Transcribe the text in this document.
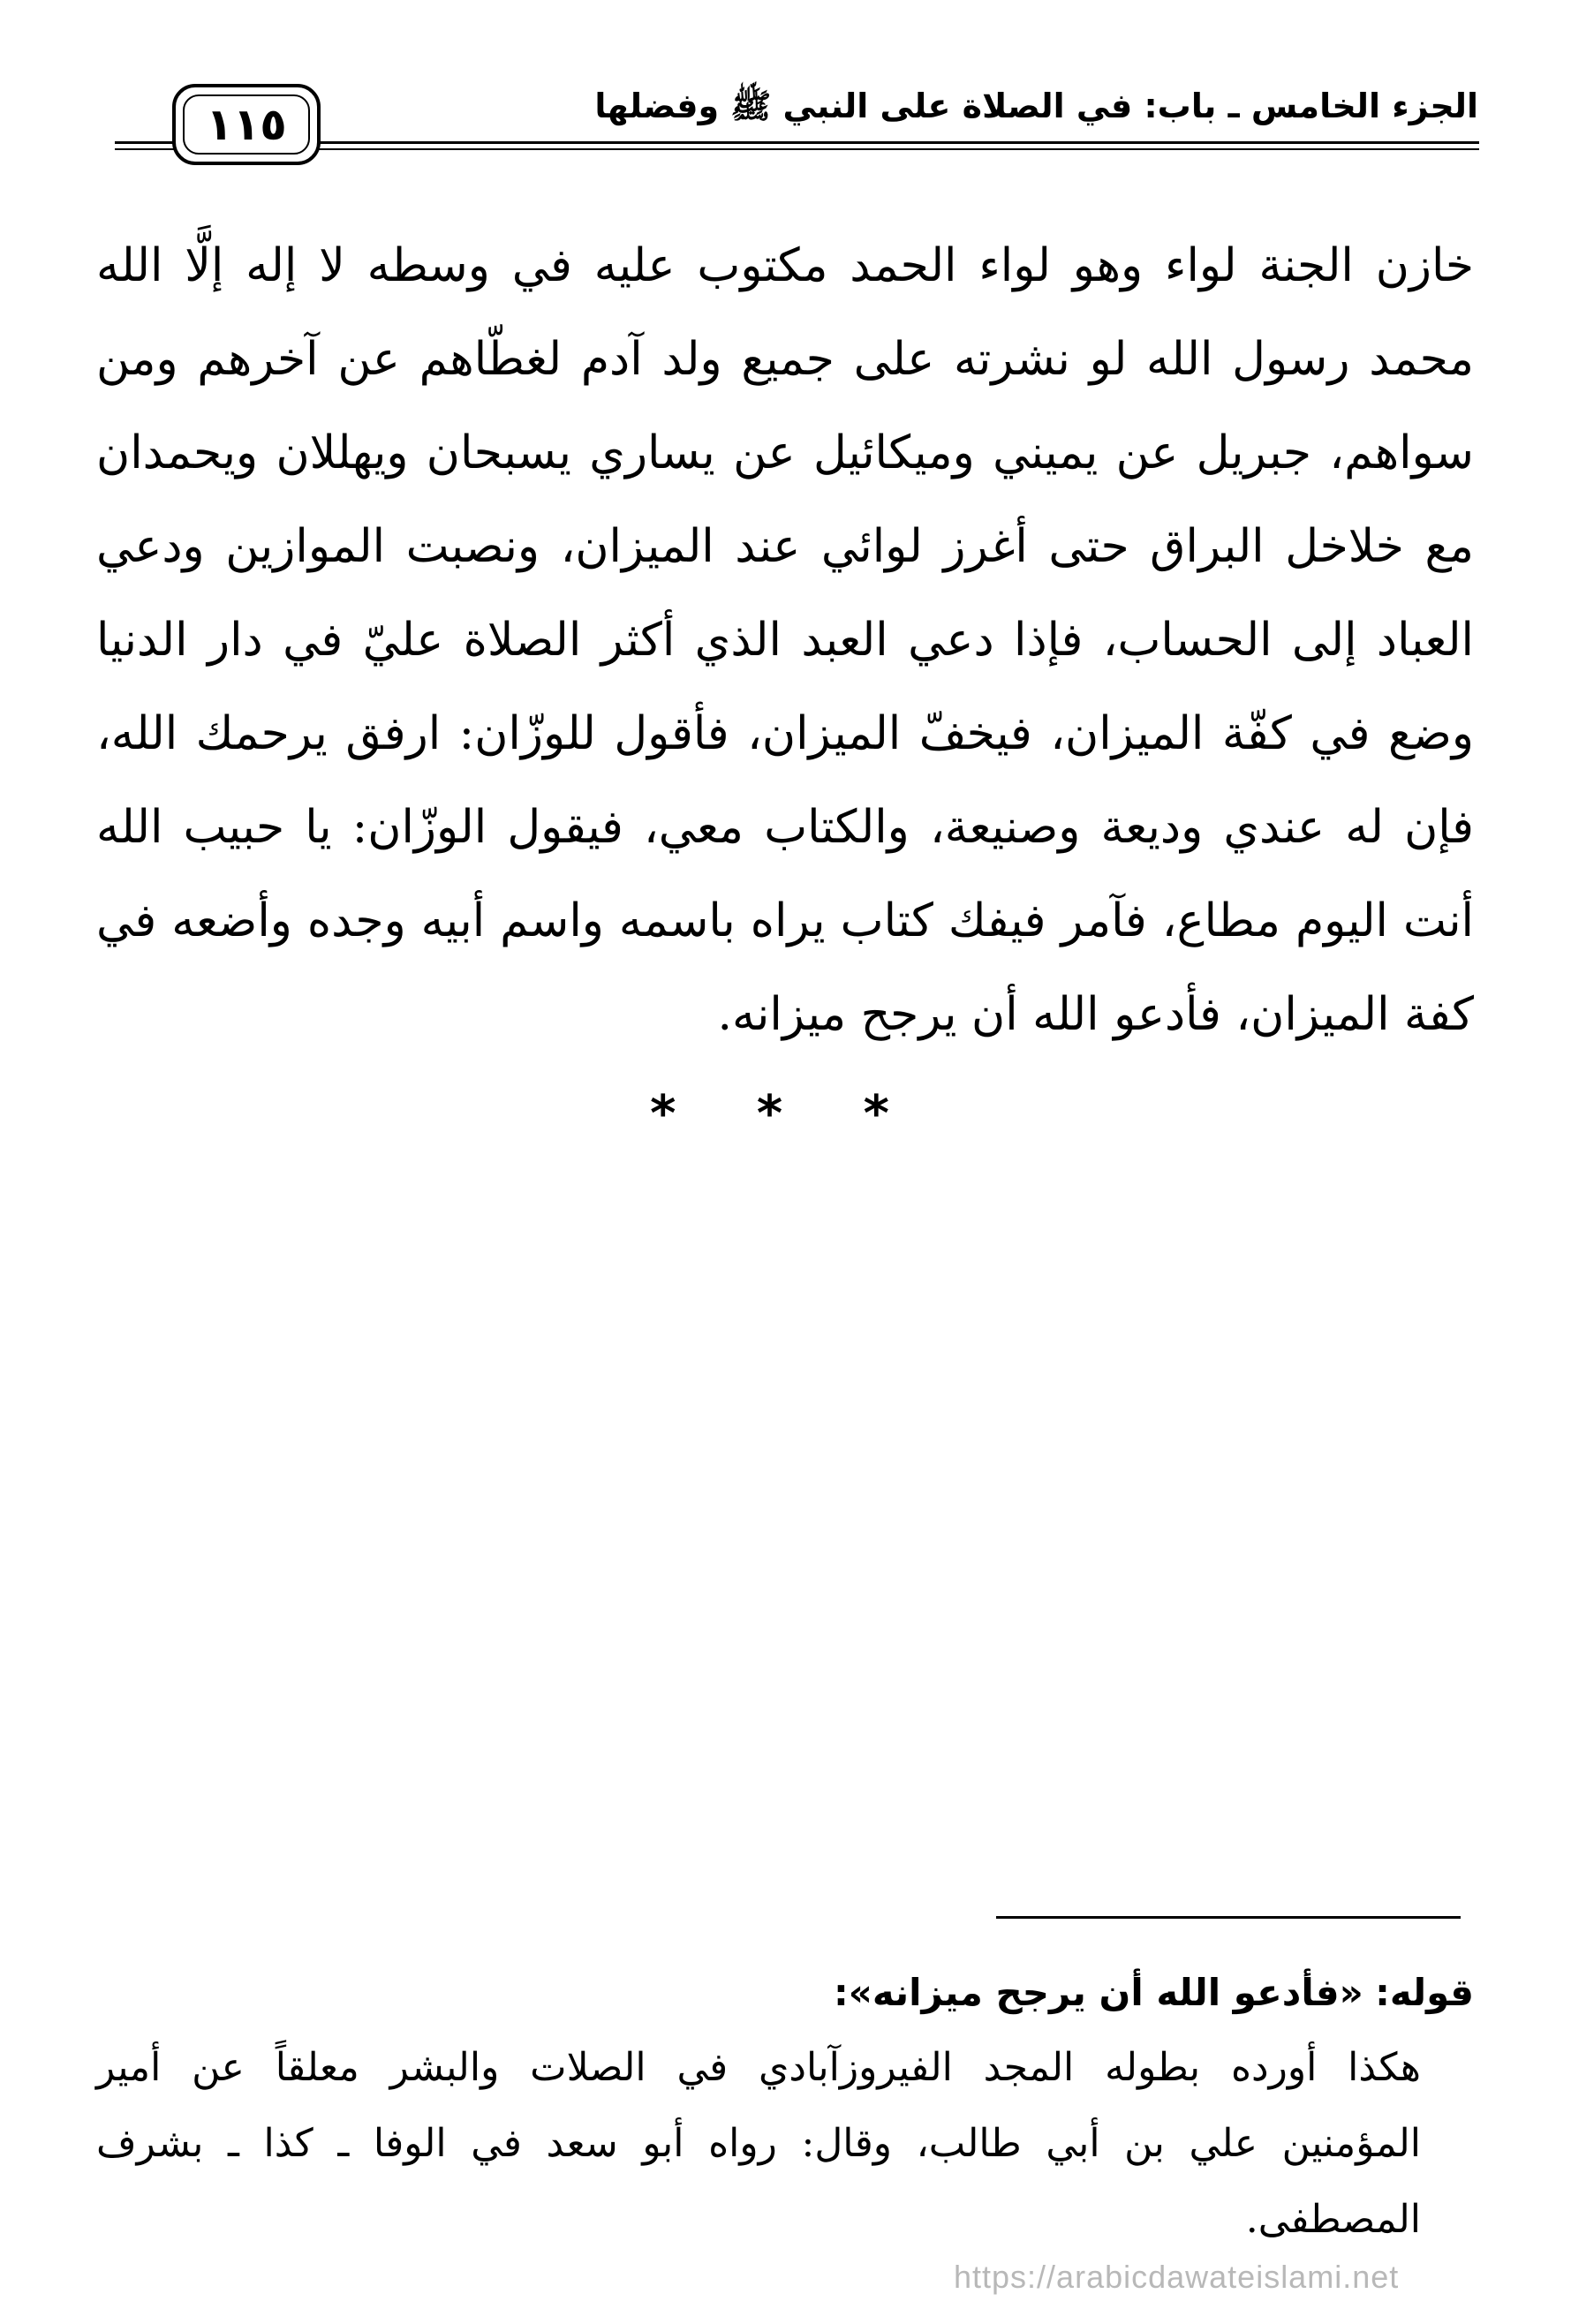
الجزء الخامس ـ باب: في الصلاة على النبي ﷺ وفضلها
١١٥
خازن الجنة لواء وهو لواء الحمد مكتوب عليه في وسطه لا إله إلَّا الله
محمد رسول الله لو نشرته على جميع ولد آدم لغطّاهم عن آخرهم ومن
سواهم، جبريل عن يميني وميكائيل عن يساري يسبحان ويهللان ويحمدان
مع خلاخل البراق حتى أغرز لوائي عند الميزان، ونصبت الموازين ودعي
العباد إلى الحساب، فإذا دعي العبد الذي أكثر الصلاة عليّ في دار الدنيا
وضع في كفّة الميزان، فيخفّ الميزان، فأقول للوزّان: ارفق يرحمك الله،
فإن له عندي وديعة وصنيعة، والكتاب معي، فيقول الوزّان: يا حبيب الله
أنت اليوم مطاع، فآمر فيفك كتاب يراه باسمه واسم أبيه وجده وأضعه في
كفة الميزان، فأدعو الله أن يرجح ميزانه.
* * *
قوله: «فأدعو الله أن يرجح ميزانه»:
هكذا أورده بطوله المجد الفيروزآبادي في الصلات والبشر معلقاً عن أمير
المؤمنين علي بن أبي طالب، وقال: رواه أبو سعد في الوفا ـ كذا ـ بشرف
المصطفى.
https://arabicdawateislami.net
